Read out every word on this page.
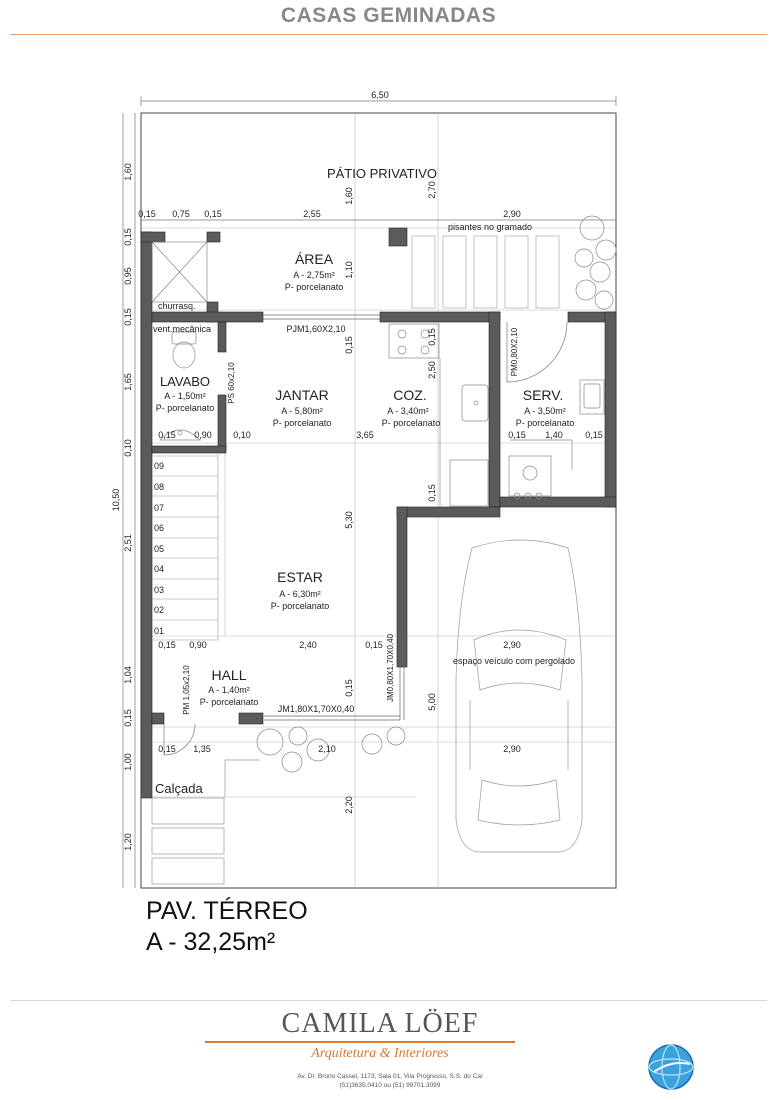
CASAS GEMINADAS
PÁTIO PRIVATIVO
ÁREA
A - 2,75m²
P- porcelanato
LAVABO
A - 1,50m²
P- porcelanato
JANTAR
A - 5,80m²
P- porcelanato
COZ.
A - 3,40m²
P- porcelanato
SERV.
A - 3,50m²
P- porcelanato
ESTAR
A - 6,30m²
P- porcelanato
HALL
A - 1,40m²
P- porcelanato
Calçada
pisantes no gramado
churrasq.
vent.mecânica	PJM1,60X2,10
PS 60x2,10
PM0,80X2,10
JM0,80X1,70X0,40
JM1,80X1,70X0,40
PM 1,05x2,10
espaço veículo com pergolado
09
08
07
06
05
04
03
02
01
6,50
0,15 0,75 0,15	2,55	2,90
0,15 0,90 0,10	3,65	0,15 1,40 0,15
0,15 0,90	2,40	0,15	2,90
0,15 1,35	2,10	2,90
10,50
1,60
0,15
0,95
0,15
1,65
0,10
2,51
1,04
0,15
1,00
1,20
1,60	2,70
1,10
0,15	0,15
2,50
0,15
5,30
0,15
5,00
2,20
PAV. TÉRREO
A - 32,25m²
CAMILA LÖEF
Arquitetura & Interiores
Av. Dr. Bruno Cassel, 1173, Sala 01, Vila Progresso, S.S. do Caí
(51)3635.0410 ou (51) 99701.3099
